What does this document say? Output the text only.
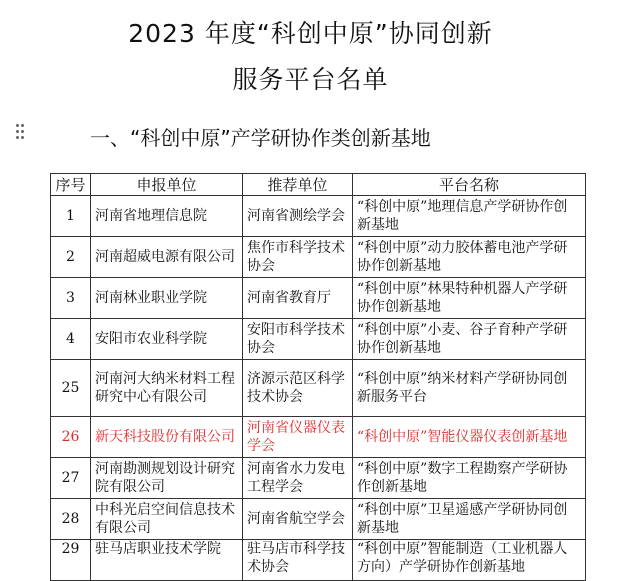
2023 年度“科创中原”协同创新
服务平台名单
一、“科创中原”产学研协作类创新基地
序号	申报单位	推荐单位	平台名称
1	河南省地理信息院	河南省测绘学会	“科创中原”地理信息产学研协作创新基地
2	河南超威电源有限公司	焦作市科学技术协会	“科创中原”动力胶体蓄电池产学研协作创新基地
3	河南林业职业学院	河南省教育厅	“科创中原”林果特种机器人产学研协作创新基地
4	安阳市农业科学院	安阳市科学技术协会	“科创中原”小麦、谷子育种产学研协作创新基地
25	河南河大纳米材料工程研究中心有限公司	济源示范区科学技术协会	“科创中原”纳米材料产学研协同创新服务平台
26	新天科技股份有限公司	河南省仪器仪表学会	“科创中原”智能仪器仪表创新基地
27	河南勘测规划设计研究院有限公司	河南省水力发电工程学会	“科创中原”数字工程勘察产学研协作创新基地
28	中科光启空间信息技术有限公司	河南省航空学会	“科创中原”卫星遥感产学研协同创新基地
29	驻马店职业技术学院	驻马店市科学技术协会	“科创中原”智能制造（工业机器人方向）产学研协作创新基地
